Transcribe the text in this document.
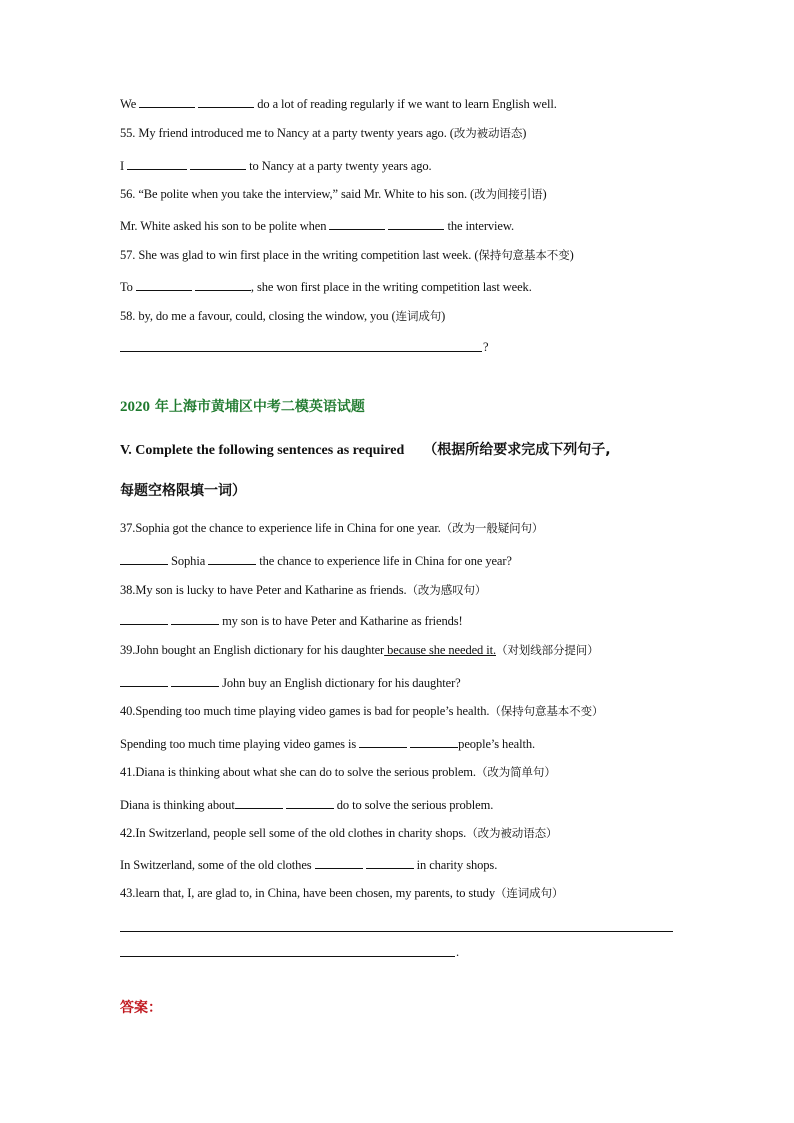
We	do a lot of reading regularly if we want to learn English well.
55. My friend introduced me to Nancy at a party twenty years ago. (改为被动语态)
I	to Nancy at a party twenty years ago.
56. “Be polite when you take the interview,” said Mr. White to his son. (改为间接引语)
Mr. White asked his son to be polite when	the interview.
57. She was glad to win first place in the writing competition last week. (保持句意基本不变)
To	, she won first place in the writing competition last week.
58. by, do me a favour, could, closing the window, you (连词成句)
?
2020 年上海市黄埔区中考二模英语试题
V. Complete the following sentences as required （根据所给要求完成下列句子,
每题空格限填一词）
37.Sophia got the chance to experience life in China for one year.（改为一般疑问句）
Sophia	the chance to experience life in China for one year?
38.My son is lucky to have Peter and Katharine as friends.（改为感叹句）
my son is to have Peter and Katharine as friends!
39.John bought an English dictionary for his daughter because she needed it.（对划线部分提问）
John buy an English dictionary for his daughter?
40.Spending too much time playing video games is bad for people’s health.（保持句意基本不变）
Spending too much time playing video games is	people’s health.
41.Diana is thinking about what she can do to solve the serious problem.（改为简单句）
Diana is thinking about	do to solve the serious problem.
42.In Switzerland, people sell some of the old clothes in charity shops.（改为被动语态）
In Switzerland, some of the old clothes	in charity shops.
43.learn that, I, are glad to, in China, have been chosen, my parents, to study（连词成句）
.
答案：
